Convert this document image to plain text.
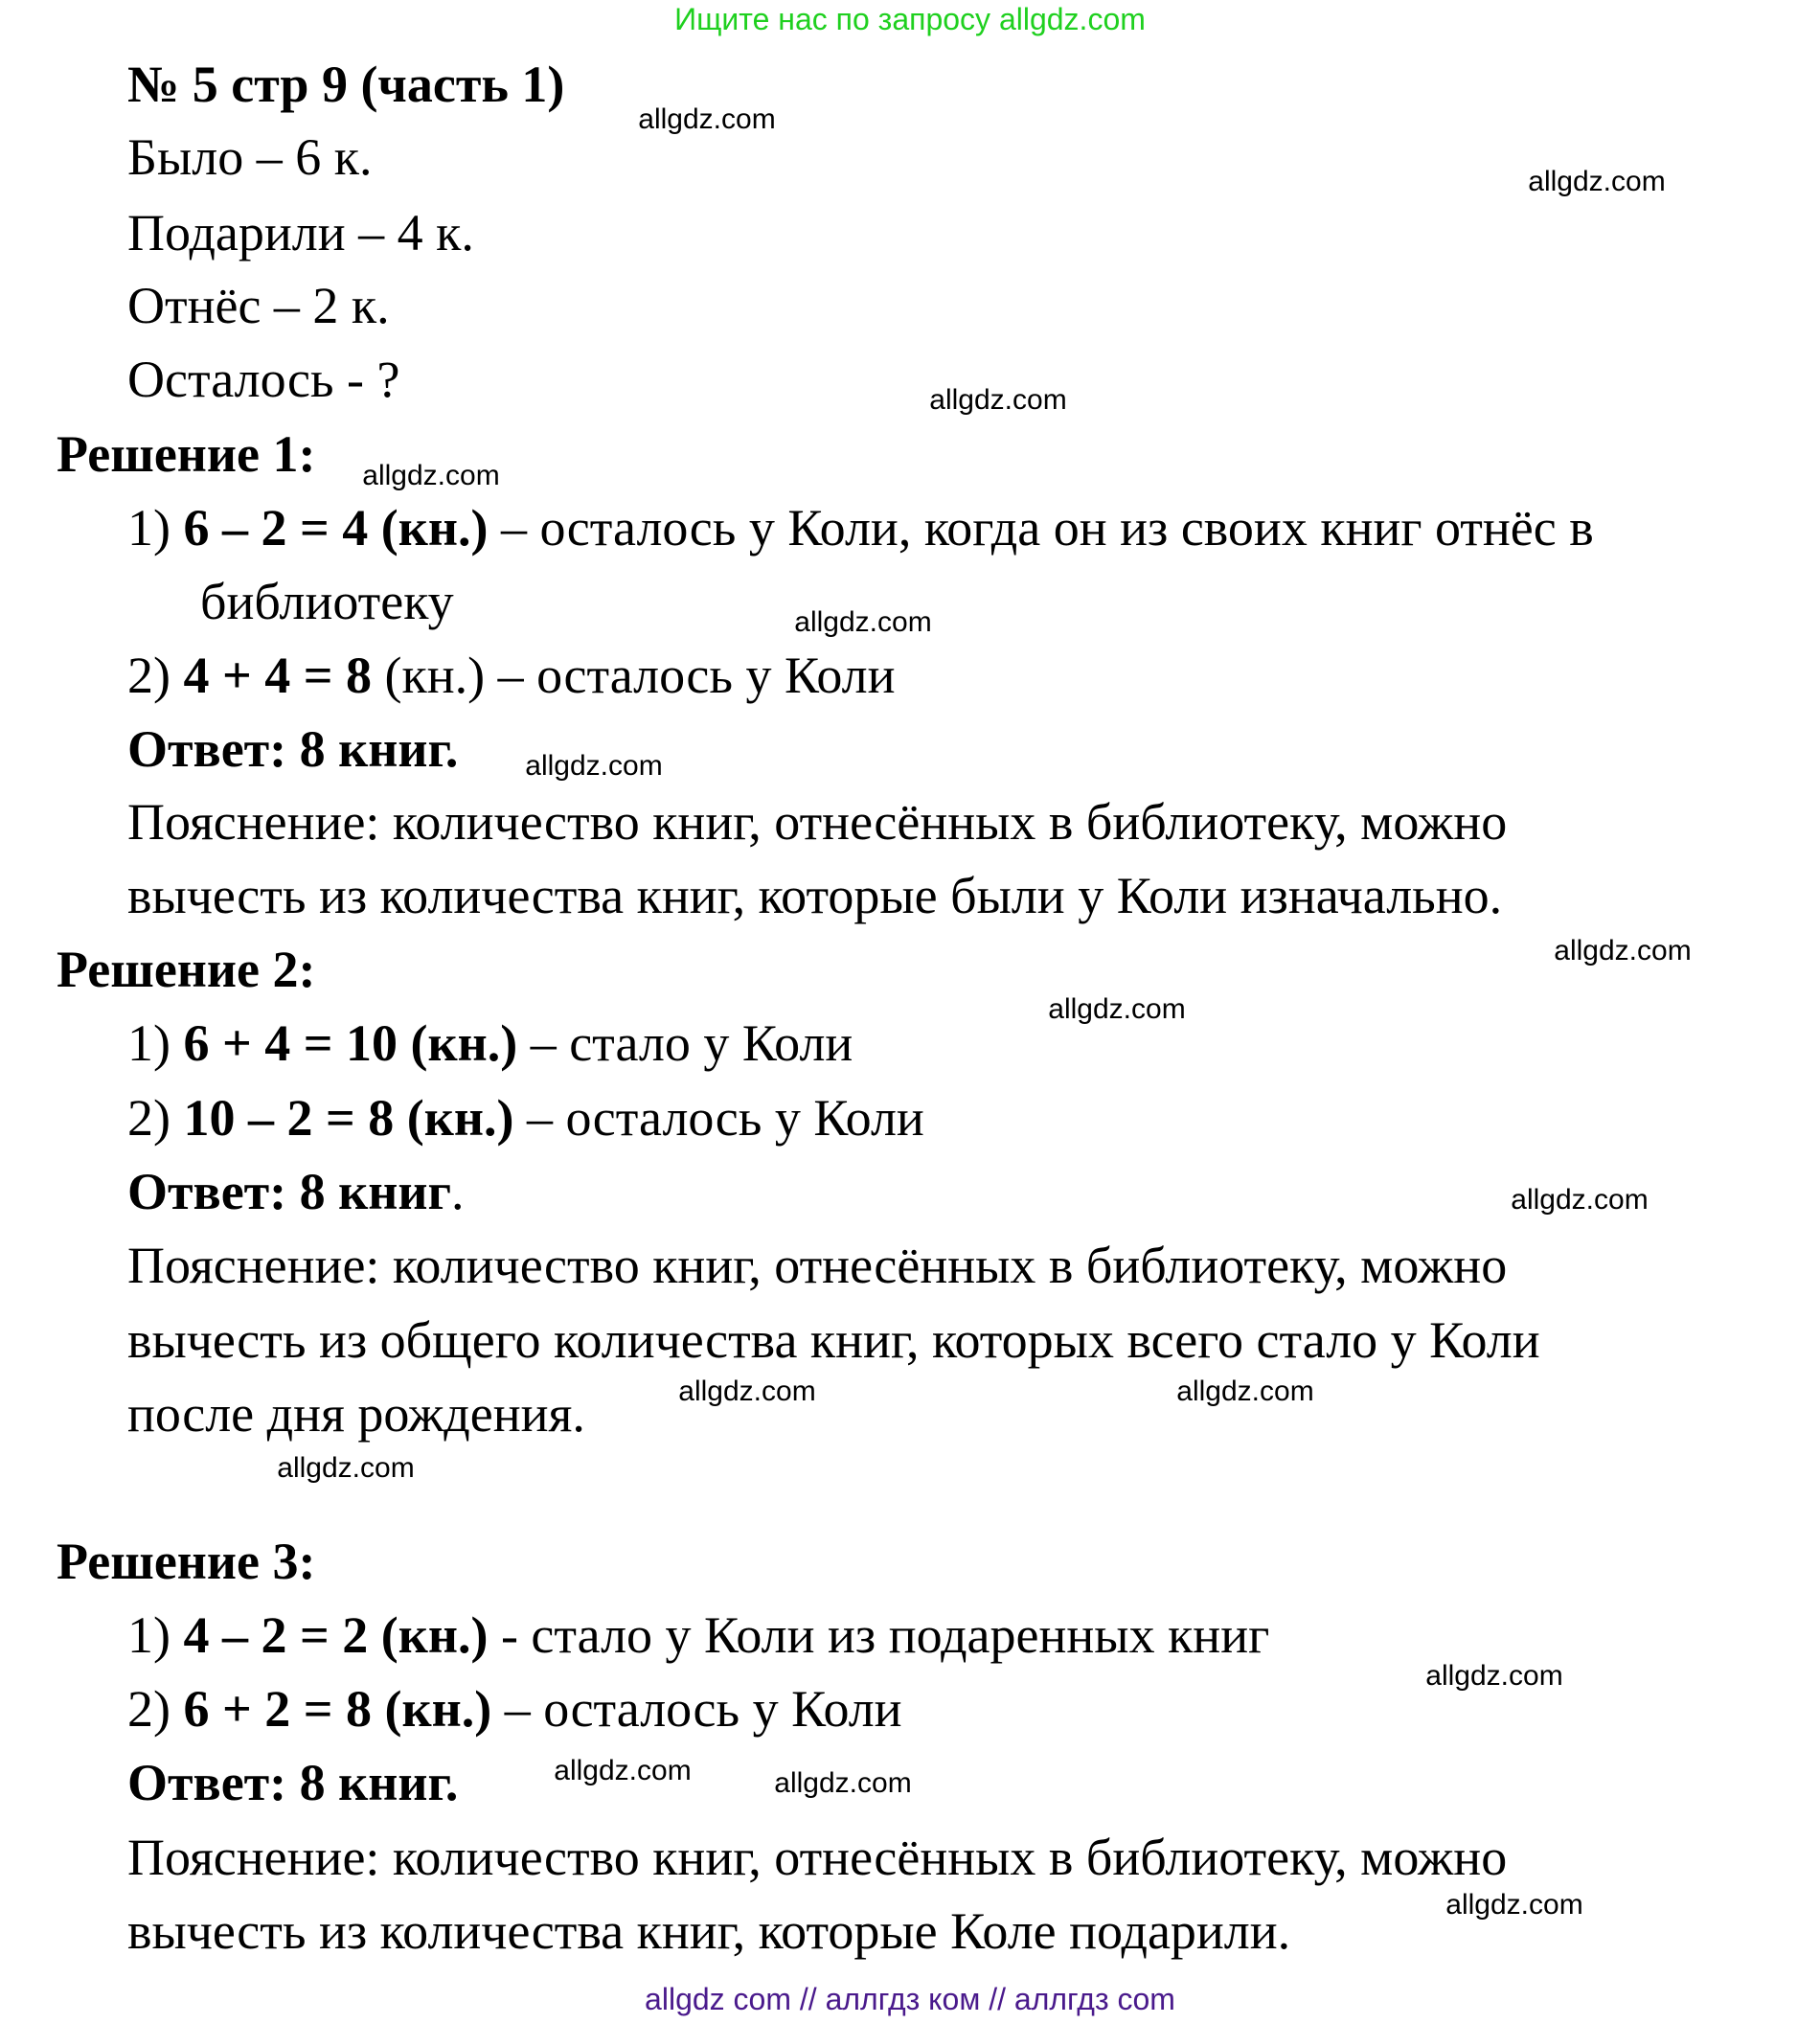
Ищите нас по запросу allgdz.com
№ 5 стр 9 (часть 1)
Было – 6 к.
Подарили – 4 к.
Отнёс – 2 к.
Осталось - ?
Решение 1:
1) 6 – 2 = 4 (кн.) – осталось у Коли, когда он из своих книг отнёс в
библиотеку
2) 4 + 4 = 8 (кн.) – осталось у Коли
Ответ: 8 книг.
Пояснение: количество книг, отнесённых в библиотеку, можно
вычесть из количества книг, которые были у Коли изначально.
Решение 2:
1) 6 + 4 = 10 (кн.) – стало у Коли
2) 10 – 2 = 8 (кн.) – осталось у Коли
Ответ: 8 книг.
Пояснение: количество книг, отнесённых в библиотеку, можно
вычесть из общего количества книг, которых всего стало у Коли
после дня рождения.
Решение 3:
1) 4 – 2 = 2 (кн.) - стало у Коли из подаренных книг
2) 6 + 2 = 8 (кн.) – осталось у Коли
Ответ: 8 книг.
Пояснение: количество книг, отнесённых в библиотеку, можно
вычесть из количества книг, которые Коле подарили.
allgdz.com
allgdz.com
allgdz.com
allgdz.com
allgdz.com
allgdz.com
allgdz.com
allgdz.com
allgdz.com
allgdz.com
allgdz.com
allgdz.com
allgdz.com
allgdz.com	allgdz.com
allgdz.com
allgdz com // аллгдз ком // аллгдз com
